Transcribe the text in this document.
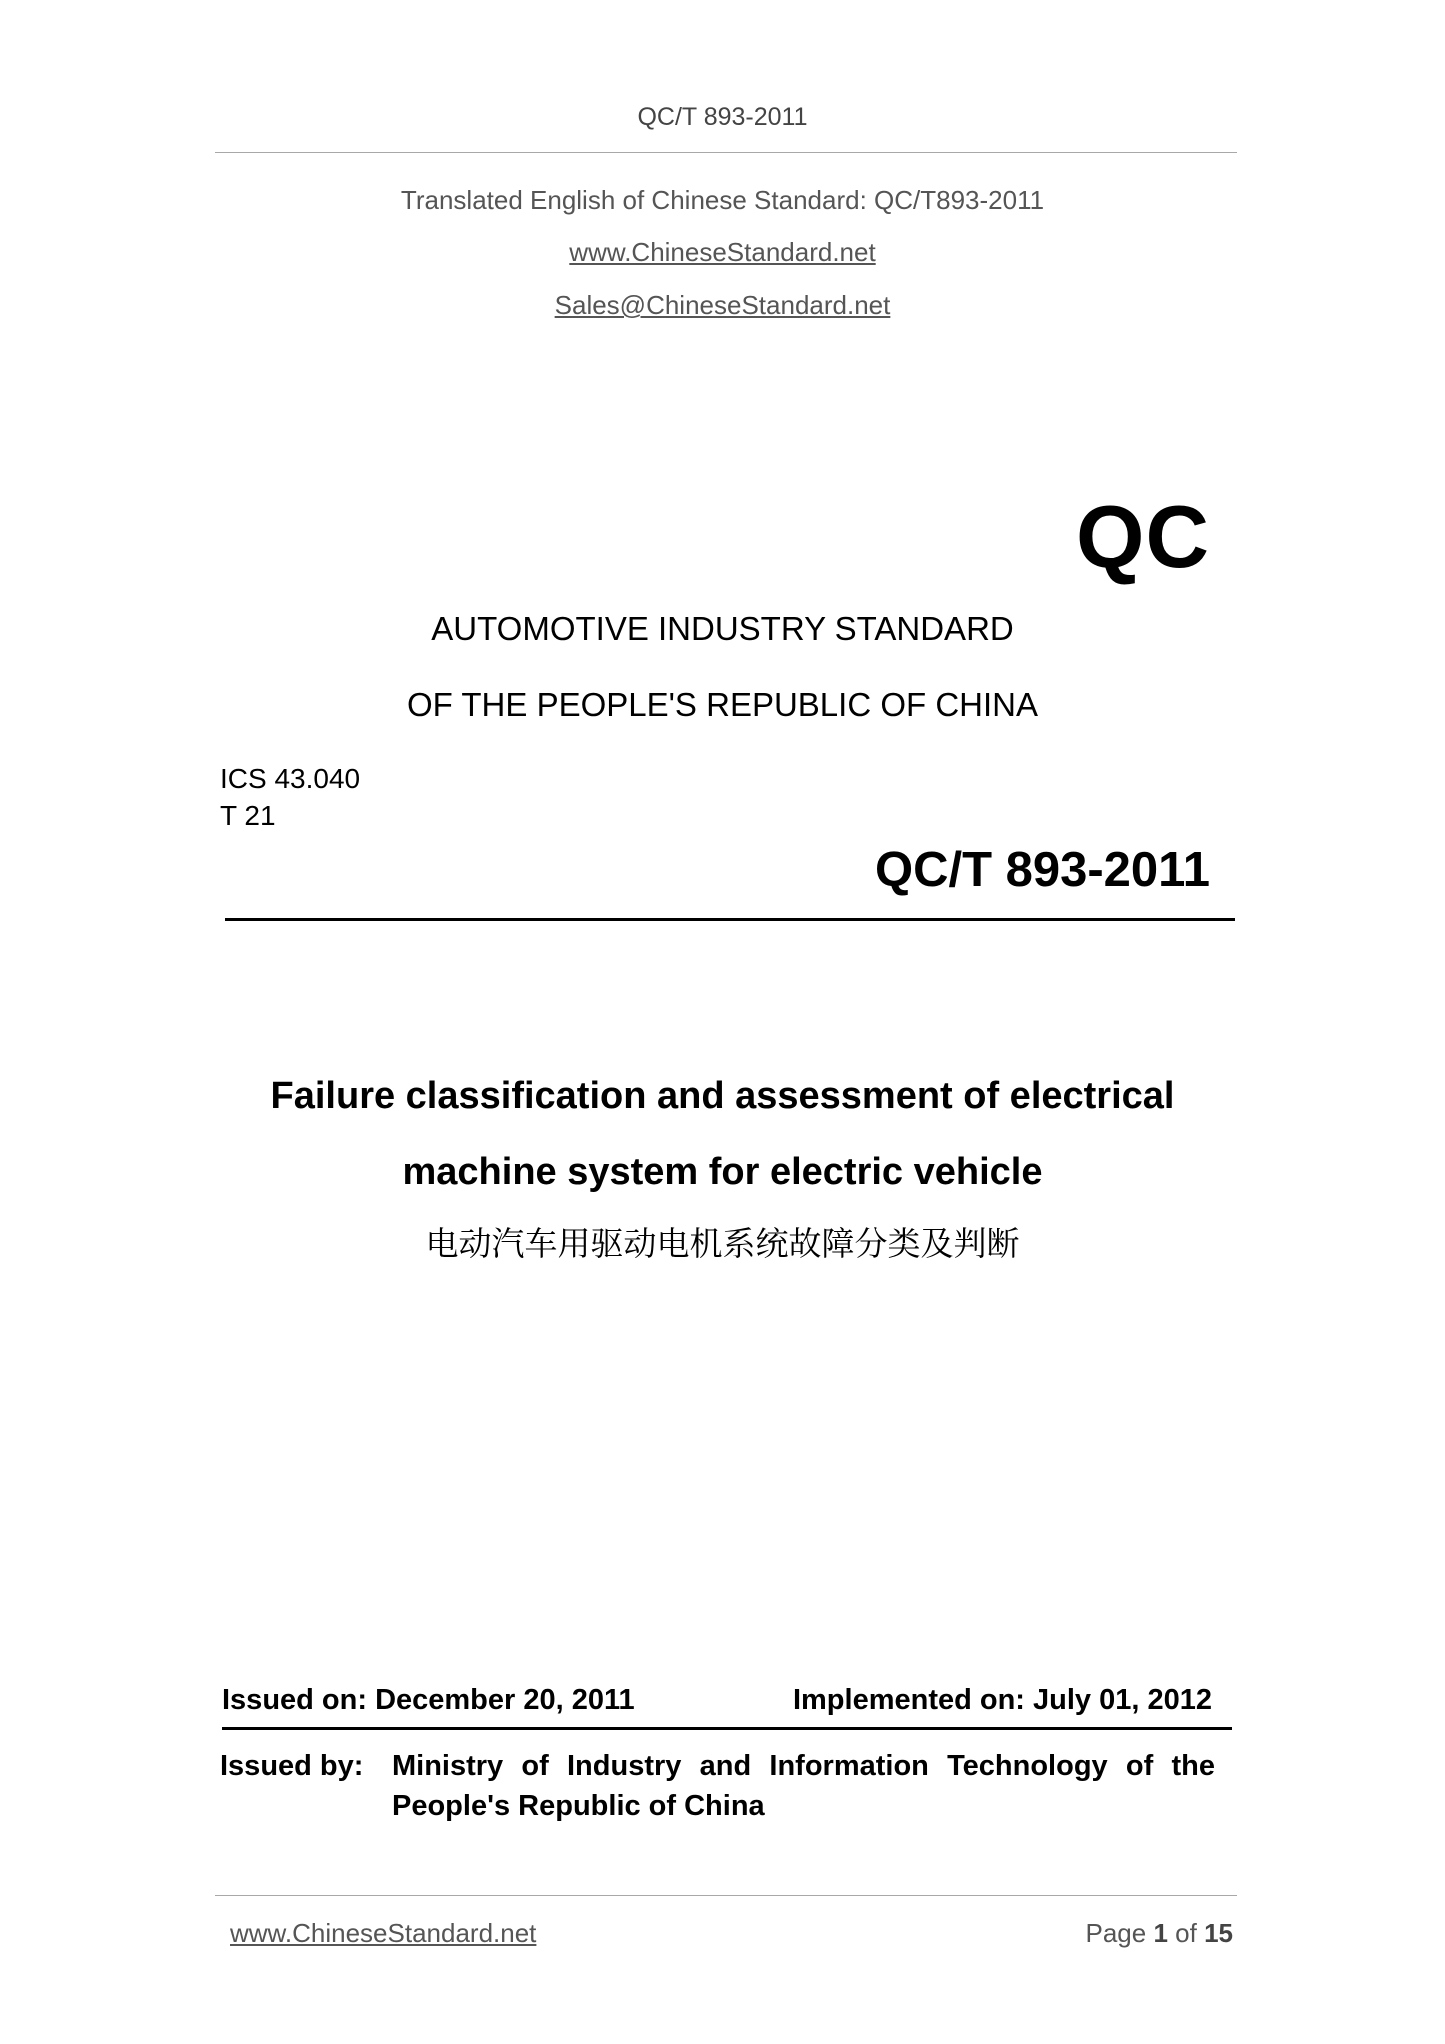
QC/T 893-2011
Translated English of Chinese Standard: QC/T893-2011
www.ChineseStandard.net
Sales@ChineseStandard.net
QC
AUTOMOTIVE INDUSTRY STANDARD
OF THE PEOPLE'S REPUBLIC OF CHINA
ICS 43.040
T 21
QC/T 893-2011
Failure classification and assessment of electrical
machine system for electric vehicle
电动汽车用驱动电机系统故障分类及判断
Issued on: December 20, 2011	Implemented on: July 01, 2012
Issued by: Ministry of Industry and Information Technology of the People's Republic of China
www.ChineseStandard.net	Page 1 of 15
